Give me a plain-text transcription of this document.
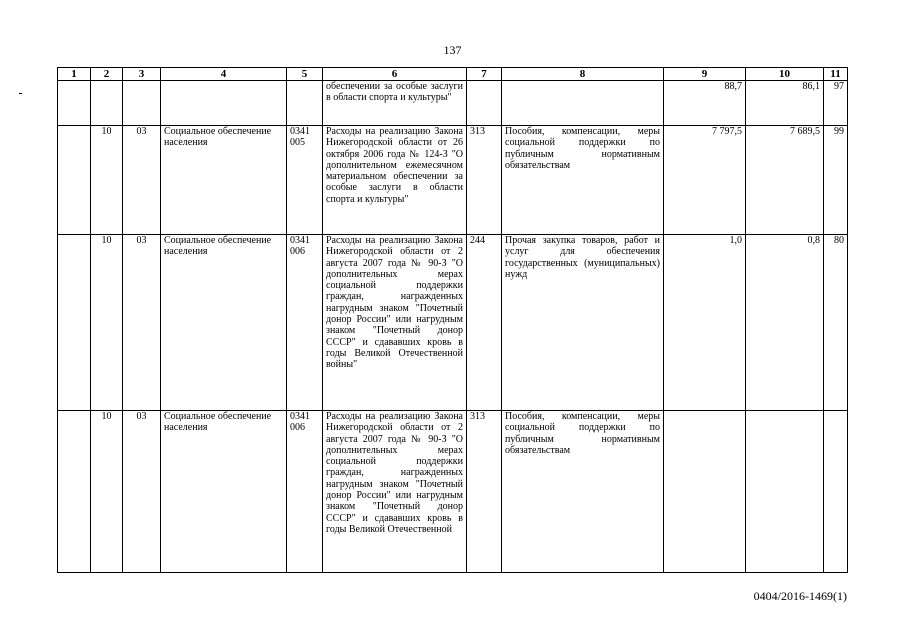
137
1	2	3	4	5	6	7	8	9	10	11

					обеспечении за особые заслуги в области спорта и культуры"			88,7	86,1	97
	10	03	Социальное обеспечение населения	0341 005	Расходы на реализацию Закона Нижегородской области от 26 октября 2006 года № 124-З "О дополнительном ежемесячном материальном обеспечении за особые заслуги в области спорта и культуры"	313	Пособия, компенсации, меры социальной поддержки по публичным нормативным обязательствам	7 797,5	7 689,5	99
	10	03	Социальное обеспечение населения	0341 006	Расходы на реализацию Закона Нижегородской области от 2 августа 2007 года № 90-З "О дополнительных мерах социальной поддержки граждан, награжденных нагрудным знаком "Почетный донор России" или нагрудным знаком "Почетный донор СССР" и сдававших кровь в годы Великой Отечественной войны"	244	Прочая закупка товаров, работ и услуг для обеспечения государственных (муниципальных) нужд	1,0	0,8	80
	10	03	Социальное обеспечение населения	0341 006	Расходы на реализацию Закона Нижегородской области от 2 августа 2007 года № 90-З "О дополнительных мерах социальной поддержки граждан, награжденных нагрудным знаком "Почетный донор России" или нагрудным знаком "Почетный донор СССР" и сдававших кровь в годы Великой Отечественной	313	Пособия, компенсации, меры социальной поддержки по публичным нормативным обязательствам			

0404/2016-1469(1)
